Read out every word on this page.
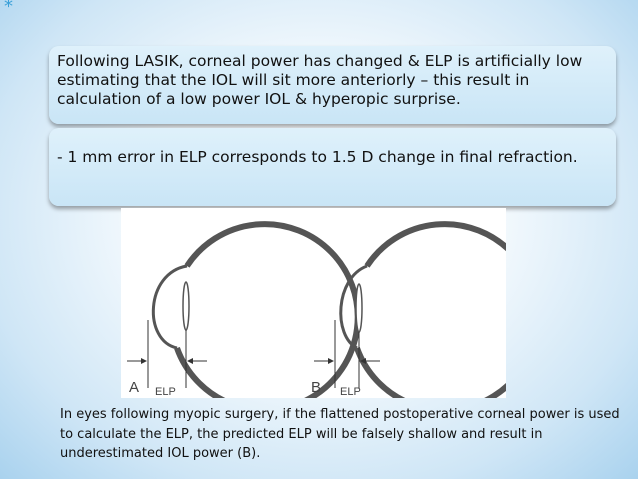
*
Following LASIK, corneal power has changed & ELP is artificially low estimating that the IOL will sit more anteriorly – this result in calculation of a low power IOL & hyperopic surprise.
- 1 mm error in ELP corresponds to 1.5 D change in final refraction.
A ELP	B ELP
In eyes following myopic surgery, if the flattened postoperative corneal power is used to calculate the ELP, the predicted ELP will be falsely shallow and result in underestimated IOL power (B).
